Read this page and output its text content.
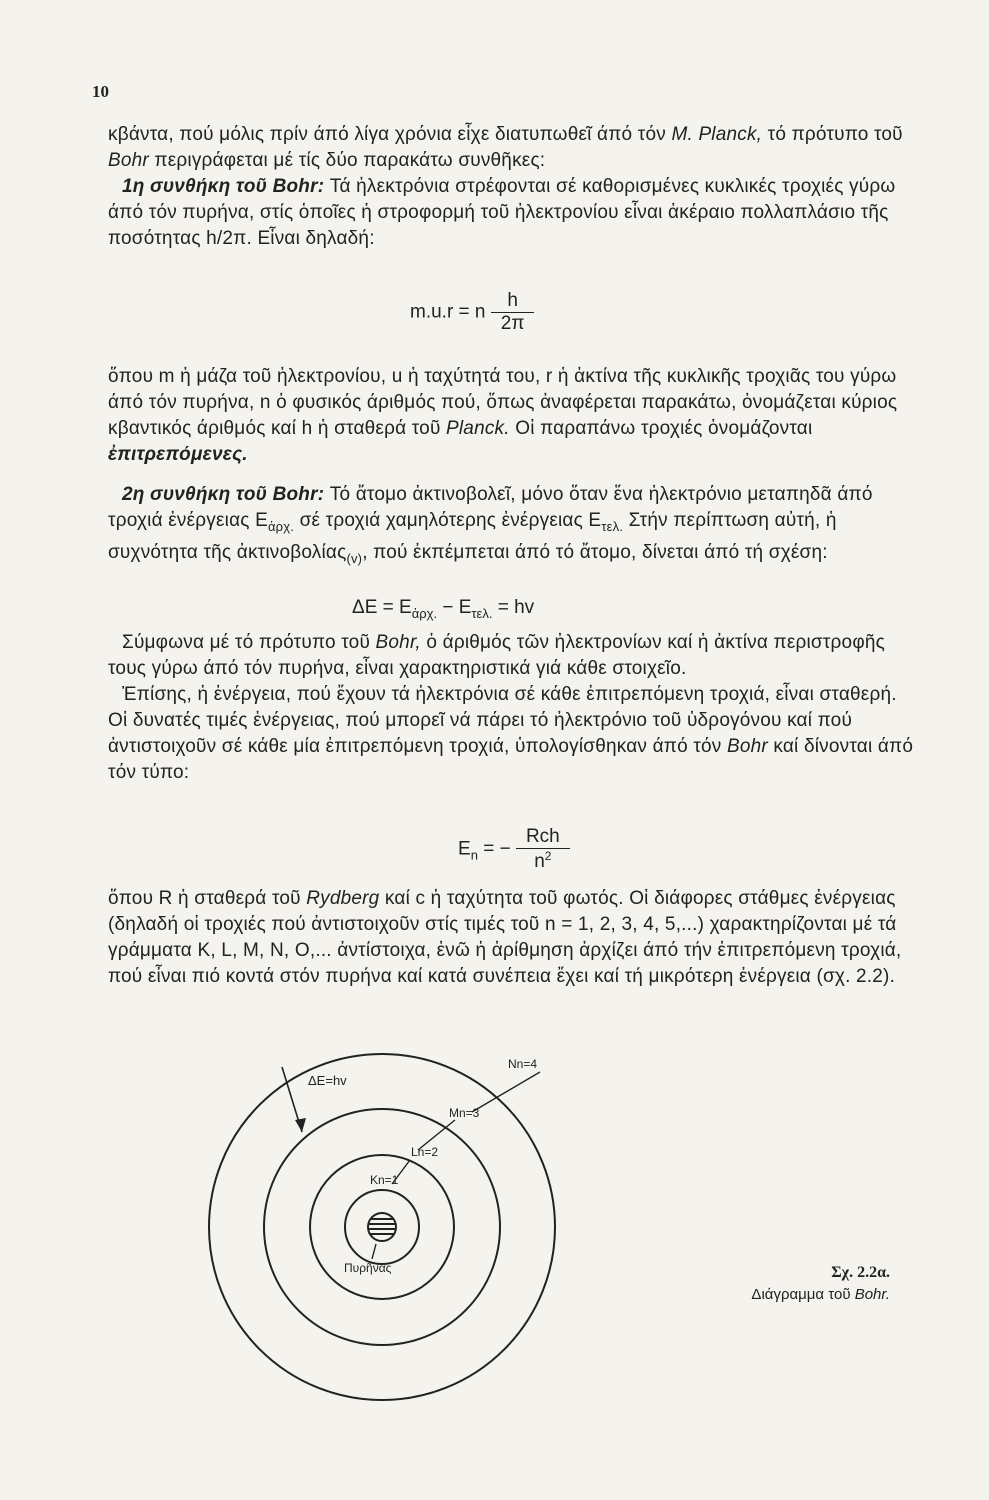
10

κβάντα, πού μόλις πρίν άπό λίγα χρόνια εἶχε διατυπωθεῖ άπό τόν M. Planck, τό πρότυπο τοῦ Bohr περιγράφεται μέ τίς δύο παρακάτω συνθῆκες:

1η συνθήκη τοῦ Bohr: Τά ἠλεκτρόνια στρέφονται σέ καθορισμένες κυκλικές τροχιές γύρω άπό τόν πυρήνα, στίς ὁποῖες ἡ στροφορμή τοῦ ἠλεκτρονίου εἶναι ἀκέραιο πολλαπλάσιο τῆς ποσότητας h/2π. Εἶναι δηλαδή:

m.u.r = n $\frac{h}{2\pi}$

ὅπου m ἡ μάζα τοῦ ἠλεκτρονίου, u ἡ ταχύτητά του, r ἡ ἀκτίνα τῆς κυκλικῆς τροχιᾶς του γύρω άπό τόν πυρήνα, n ὁ φυσικός άριθμός πού, ὅπως ἀναφέρεται παρακάτω, ὀνομάζεται κύριος κβαντικός άριθμός καί h ἡ σταθερά τοῦ Planck. Οἱ παραπάνω τροχιές ὀνομάζονται ἐπιτρεπόμενες.

2η συνθήκη τοῦ Bohr: Τό ἄτομο ἀκτινοβολεῖ, μόνο ὅταν ἕνα ἠλεκτρόνιο μεταπηδᾶ άπό τροχιά ἐνέργειας $E_{ἀ\rho\chi.}$ σέ τροχιά χαμηλότερης ἐνέργειας $E_{\tau\varepsilon\lambda.}$ Στήν περίπτωση αὐτή, ἡ συχνότητα τῆς ἀκτινοβολίας$_{(v)}$, πού ἐκπέμπεται άπό τό ἄτομο, δίνεται άπό τή σχέση:

$\Delta E = E_{ἀ\rho\chi.} - E_{\tau\varepsilon\lambda.}$ = hv

Σύμφωνα μέ τό πρότυπο τοῦ Bohr, ὁ άριθμός τῶν ἠλεκτρονίων καί ἡ ἀκτίνα περιστροφῆς τους γύρω άπό τόν πυρήνα, εἶναι χαρακτηριστικά γιά κάθε στοιχεῖο.

Ἐπίσης, ἡ ἐνέργεια, πού ἔχουν τά ἠλεκτρόνια σέ κάθε ἐπιτρεπόμενη τροχιά, εἶναι σταθερή. Οἱ δυνατές τιμές ἐνέργειας, πού μπορεῖ νά πάρει τό ἠλεκτρόνιο τοῦ ὑδρογόνου καί πού ἀντιστοιχοῦν σέ κάθε μία ἐπιτρεπόμενη τροχιά, ὑπολογίσθηκαν άπό τόν Bohr καί δίνονται άπό τόν τύπο:

$E_n$ = − $\frac{\text{Rch}}{n^2}$

ὅπου R ἡ σταθερά τοῦ Rydberg καί c ἡ ταχύτητα τοῦ φωτός. Οἱ διάφορες στάθμες ἐνέργειας (δηλαδή οἱ τροχιές πού ἀντιστοιχοῦν στίς τιμές τοῦ n = 1, 2, 3, 4, 5,...) χαρακτηρίζονται μέ τά γράμματα K, L, M, N, O,... ἀντίστοιχα, ἐνῶ ἡ ἀρίθμηση ἀρχίζει άπό τήν ἐπιτρεπόμενη τροχιά, πού εἶναι πιό κοντά στόν πυρήνα καί κατά συνέπεια ἔχει καί τή μικρότερη ἐνέργεια (σχ. 2.2).

ΔE=hv
Nn=4
Mn=3
Ln=2
Kn=1
Πυρῆνας	Σχ. 2.2α.
Διάγραμμα τοῦ Bohr.
